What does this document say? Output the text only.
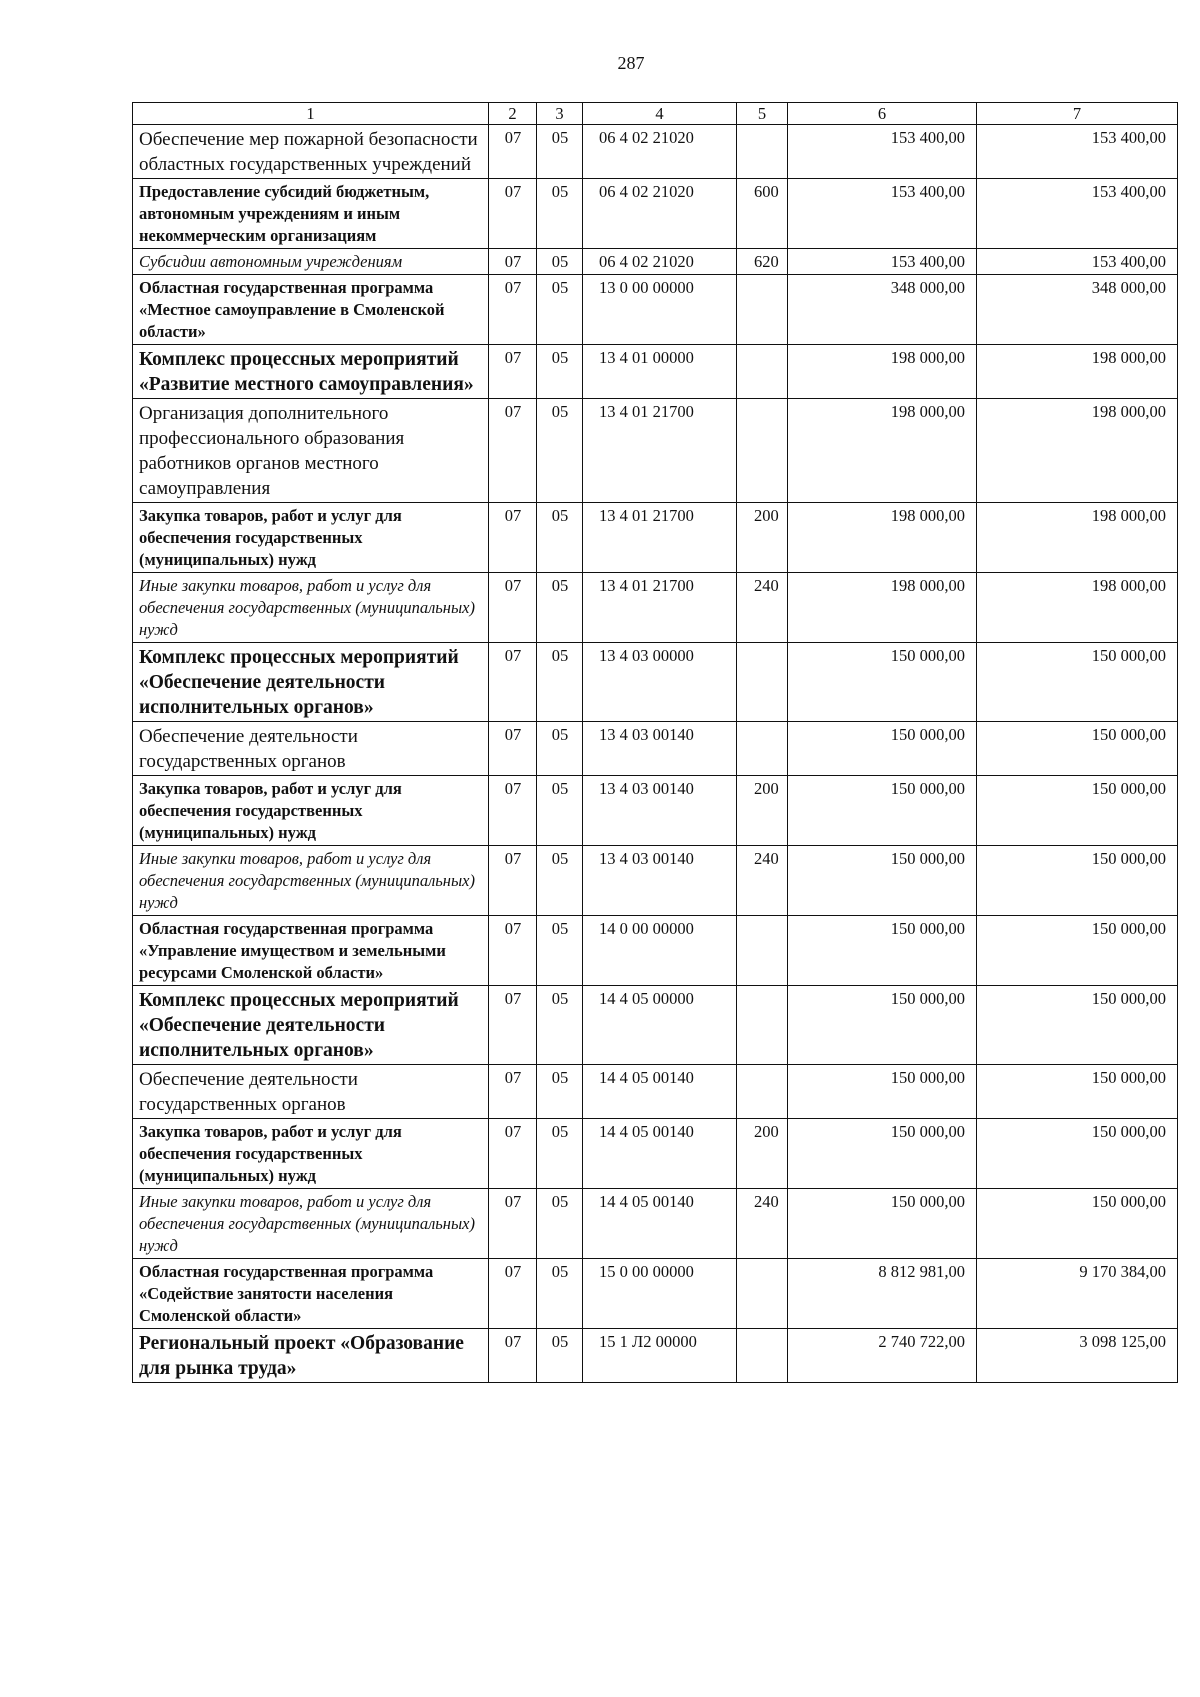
287
1	2	3	4	5	6	7
Обеспечение мер пожарной безопасности областных государственных учреждений	07	05	06 4 02 21020		153 400,00	153 400,00
Предоставление субсидий бюджетным, автономным учреждениям и иным некоммерческим организациям	07	05	06 4 02 21020	600	153 400,00	153 400,00
Субсидии автономным учреждениям	07	05	06 4 02 21020	620	153 400,00	153 400,00
Областная государственная программа «Местное самоуправление в Смоленской области»	07	05	13 0 00 00000		348 000,00	348 000,00
Комплекс процессных мероприятий «Развитие местного самоуправления»	07	05	13 4 01 00000		198 000,00	198 000,00
Организация дополнительного профессионального образования работников органов местного самоуправления	07	05	13 4 01 21700		198 000,00	198 000,00
Закупка товаров, работ и услуг для обеспечения государственных (муниципальных) нужд	07	05	13 4 01 21700	200	198 000,00	198 000,00
Иные закупки товаров, работ и услуг для обеспечения государственных (муниципальных) нужд	07	05	13 4 01 21700	240	198 000,00	198 000,00
Комплекс процессных мероприятий «Обеспечение деятельности исполнительных органов»	07	05	13 4 03 00000		150 000,00	150 000,00
Обеспечение деятельности государственных органов	07	05	13 4 03 00140		150 000,00	150 000,00
Закупка товаров, работ и услуг для обеспечения государственных (муниципальных) нужд	07	05	13 4 03 00140	200	150 000,00	150 000,00
Иные закупки товаров, работ и услуг для обеспечения государственных (муниципальных) нужд	07	05	13 4 03 00140	240	150 000,00	150 000,00
Областная государственная программа «Управление имуществом и земельными ресурсами Смоленской области»	07	05	14 0 00 00000		150 000,00	150 000,00
Комплекс процессных мероприятий «Обеспечение деятельности исполнительных органов»	07	05	14 4 05 00000		150 000,00	150 000,00
Обеспечение деятельности государственных органов	07	05	14 4 05 00140		150 000,00	150 000,00
Закупка товаров, работ и услуг для обеспечения государственных (муниципальных) нужд	07	05	14 4 05 00140	200	150 000,00	150 000,00
Иные закупки товаров, работ и услуг для обеспечения государственных (муниципальных) нужд	07	05	14 4 05 00140	240	150 000,00	150 000,00
Областная государственная программа «Содействие занятости населения Смоленской области»	07	05	15 0 00 00000		8 812 981,00	9 170 384,00
Региональный проект «Образование для рынка труда»	07	05	15 1 Л2 00000		2 740 722,00	3 098 125,00
